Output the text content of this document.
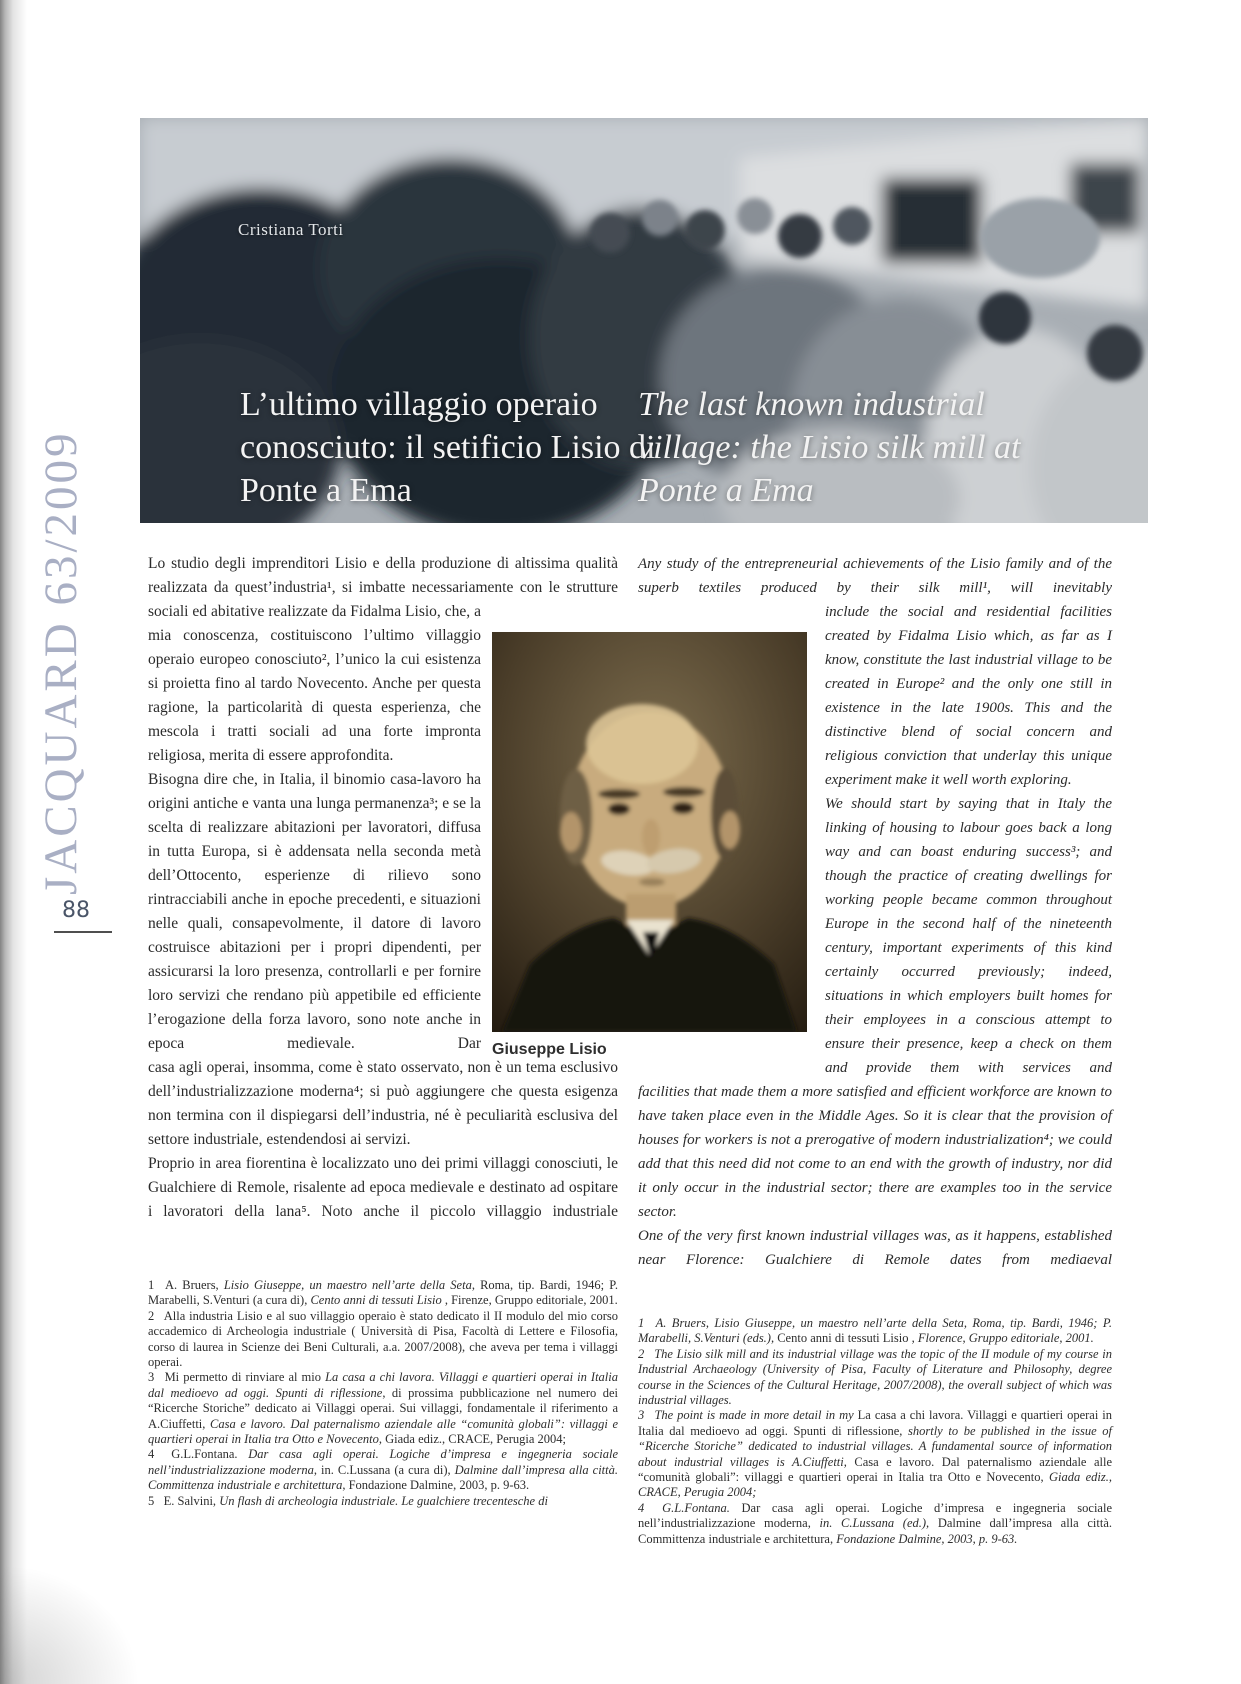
JACQUARD 63/2009
88
Cristiana Torti
L’ultimo villaggio operaio
conosciuto: il setificio Lisio di
Ponte a Ema
The last known industrial
village: the Lisio silk mill at
Ponte a Ema

Lo studio degli imprenditori Lisio e della produzione di altissima qualità realizzata da quest’industria¹, si imbatte necessariamente con le strutture

sociali ed abitative realizzate da Fidalma Lisio, che, a mia conoscenza, costituiscono l’ultimo villaggio operaio europeo conosciuto², l’unico la cui esistenza si proietta fino al tardo Novecento. Anche per questa ragione, la particolarità di questa esperienza, che mescola i tratti sociali ad una forte impronta religiosa, merita di essere approfondita.

Bisogna dire che, in Italia, il binomio casa-lavoro ha origini antiche e vanta una lunga permanenza³; e se la scelta di realizzare abitazioni per lavoratori, diffusa in tutta Europa, si è addensata nella seconda metà dell’Ottocento, esperienze di rilievo sono rintracciabili anche in epoche precedenti, e situazioni nelle quali, consapevolmente, il datore di lavoro costruisce abitazioni per i propri dipendenti, per assicurarsi la loro presenza, controllarli e per fornire loro servizi che rendano più appetibile ed efficiente l’erogazione della forza lavoro, sono note anche in epoca medievale. Dar

casa agli operai, insomma, come è stato osservato, non è un tema esclusivo dell’industrializzazione moderna⁴; si può aggiungere che questa esigenza non termina con il dispiegarsi dell’industria, né è peculiarità esclusiva del settore industriale, estendendosi ai servizi.

Proprio in area fiorentina è localizzato uno dei primi villaggi conosciuti, le Gualchiere di Remole, risalente ad epoca medievale e destinato ad ospitare i lavoratori della lana⁵. Noto anche il piccolo villaggio industriale

Any study of the entrepreneurial achievements of the Lisio family and of the superb textiles produced by their silk mill¹, will inevitably

include the social and residential facilities created by Fidalma Lisio which, as far as I know, constitute the last industrial village to be created in Europe² and the only one still in existence in the late 1900s. This and the distinctive blend of social concern and religious conviction that underlay this unique experiment make it well worth exploring.

We should start by saying that in Italy the linking of housing to labour goes back a long way and can boast enduring success³; and though the practice of creating dwellings for working people became common throughout Europe in the second half of the nineteenth century, important experiments of this kind certainly occurred previously; indeed, situations in which employers built homes for their employees in a conscious attempt to ensure their presence, keep a check on them and provide them with services and

facilities that made them a more satisfied and efficient workforce are known to have taken place even in the Middle Ages. So it is clear that the provision of houses for workers is not a prerogative of modern industrialization⁴; we could add that this need did not come to an end with the growth of industry, nor did it only occur in the industrial sector; there are examples too in the service sector.

One of the very first known industrial villages was, as it happens, established near Florence: Gualchiere di Remole dates from mediaeval

Giuseppe Lisio

1  A. Bruers, Lisio Giuseppe, un maestro nell’arte della Seta, Roma, tip. Bardi, 1946; P. Marabelli, S.Venturi (a cura di), Cento anni di tessuti Lisio , Firenze, Gruppo editoriale, 2001.

2  Alla industria Lisio e al suo villaggio operaio è stato dedicato il II modulo del mio corso accademico di Archeologia industriale ( Università di Pisa, Facoltà di Lettere e Filosofia, corso di laurea in Scienze dei Beni Culturali, a.a. 2007/2008), che aveva per tema i villaggi operai.

3  Mi permetto di rinviare al mio La casa a chi lavora. Villaggi e quartieri operai in Italia dal medioevo ad oggi. Spunti di riflessione, di prossima pubblicazione nel numero dei “Ricerche Storiche” dedicato ai Villaggi operai. Sui villaggi, fondamentale il riferimento a A.Ciuffetti, Casa e lavoro. Dal paternalismo aziendale alle “comunità globali”: villaggi e quartieri operai in Italia tra Otto e Novecento, Giada ediz., CRACE, Perugia 2004;

4  G.L.Fontana. Dar casa agli operai. Logiche d’impresa e ingegneria sociale nell’industrializzazione moderna, in. C.Lussana (a cura di), Dalmine dall’impresa alla città. Committenza industriale e architettura, Fondazione Dalmine, 2003, p. 9-63.

5  E. Salvini, Un flash di archeologia industriale. Le gualchiere trecentesche di

1  A. Bruers, Lisio Giuseppe, un maestro nell’arte della Seta, Roma, tip. Bardi, 1946; P. Marabelli, S.Venturi (eds.), Cento anni di tessuti Lisio , Florence, Gruppo editoriale, 2001.

2  The Lisio silk mill and its industrial village was the topic of the II module of my course in Industrial Archaeology (University of Pisa, Faculty of Literature and Philosophy, degree course in the Sciences of the Cultural Heritage, 2007/2008), the overall subject of which was industrial villages.

3  The point is made in more detail in my La casa a chi lavora. Villaggi e quartieri operai in Italia dal medioevo ad oggi. Spunti di riflessione, shortly to be published in the issue of “Ricerche Storiche” dedicated to industrial villages. A fundamental source of information about industrial villages is A.Ciuffetti, Casa e lavoro. Dal paternalismo aziendale alle “comunità globali”: villaggi e quartieri operai in Italia tra Otto e Novecento, Giada ediz., CRACE, Perugia 2004;

4  G.L.Fontana. Dar casa agli operai. Logiche d’impresa e ingegneria sociale nell’industrializzazione moderna, in. C.Lussana (ed.), Dalmine dall’impresa alla città. Committenza industriale e architettura, Fondazione Dalmine, 2003, p. 9-63.
